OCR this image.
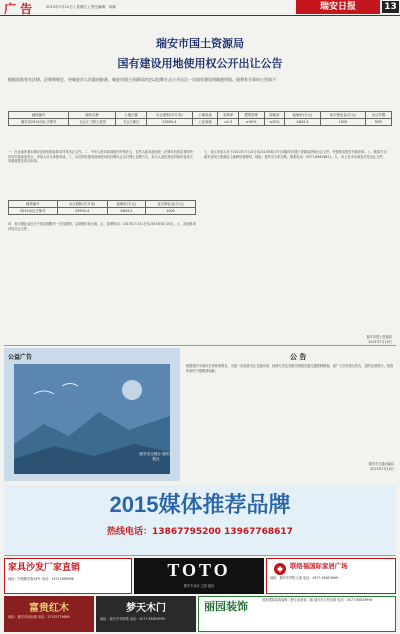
广 告	2015年7月10日 / 星期五 / 责任编辑：刘颖	瑞安日报	13
瑞安市国土资源局
国有建设用地使用权公开出让公告
根据国家有关法律、法规和规定，经瑞安市人民政府批准，瑞安市国土资源局决定以挂牌方式公开出让一宗国有建设用地使用权。现将有关事项公告如下：
地块编号	地块名称	土地位置	出让面积(平方米)	土地用途	容积率	建筑密度	绿地率	起始价(万元)	竞买保证金(万元)	出让年限
瑞安市2015出让字第号	飞云江三期工业园	飞云江新区	23905.4	工业用地	≤1.5	≥30%	≤20%	4843.3	1000	50年
一、出让地块基本情况及规划指标要求详见出让文件。二、中华人民共和国境内外的法人、自然人和其他组织（法律另有规定者除外）均可申请参加竞买，申请人应当单独申请。三、本次国有建设用地使用权挂牌出让实行网上挂牌方式，竞买人须在规定时间内登录交易系统提交竞买申请。
地块编号	出让面积(平方米)	起始价(万元)	竞买保证金(万元)
2015出让字第号	23905.4	4843.3	1000
四、竞买保证金应当于规定期限内一次性缴纳，以到账时间为准。五、挂牌时间：2015年7月31日至2015年8月10日。六、其他事项详见出让文件。
七、竞买申请人可于2015年7月10日至2015年8月7日到瑞安市国土资源局获取出让文件，并按要求提交书面申请。八、联系方式：瑞安市国土资源局土地利用管理科，地址：瑞安市万松东路，联系电话：0577-65819811。九、本公告未尽事宜详见出让文件。
瑞安市国土资源局
2015年7月10日
公益广告
瑞安市文明办 瑞安日报社
公 告
根据瑞安市城市总体规划要求，为进一步改善市区交通环境，经研究决定对相关路段实施交通管制措施，请广大市民相互转告，届时注意绕行，给您带来的不便敬请谅解。
瑞安市交通运输局
2015年7月10日
2015媒体推荐品牌
热线电话：13867795200 13967768617
家具沙发厂家直销
地址：安阳路东街26号 电话：13727689996	TOTO
瑞安专卖店 卫浴 厨房
联络福国际家居广场
地址：瑞安市罗阳大道 电话：0577-65819999
富贵红木
地址：瑞安市仙岩镇 电话：13705779699
梦天木门
地址：瑞安市安阳路 电话：0577-65829999
丽园装饰	国家建筑装饰装修工程专业承包二级 瑞安市万松东路 电话：0577-65829999
